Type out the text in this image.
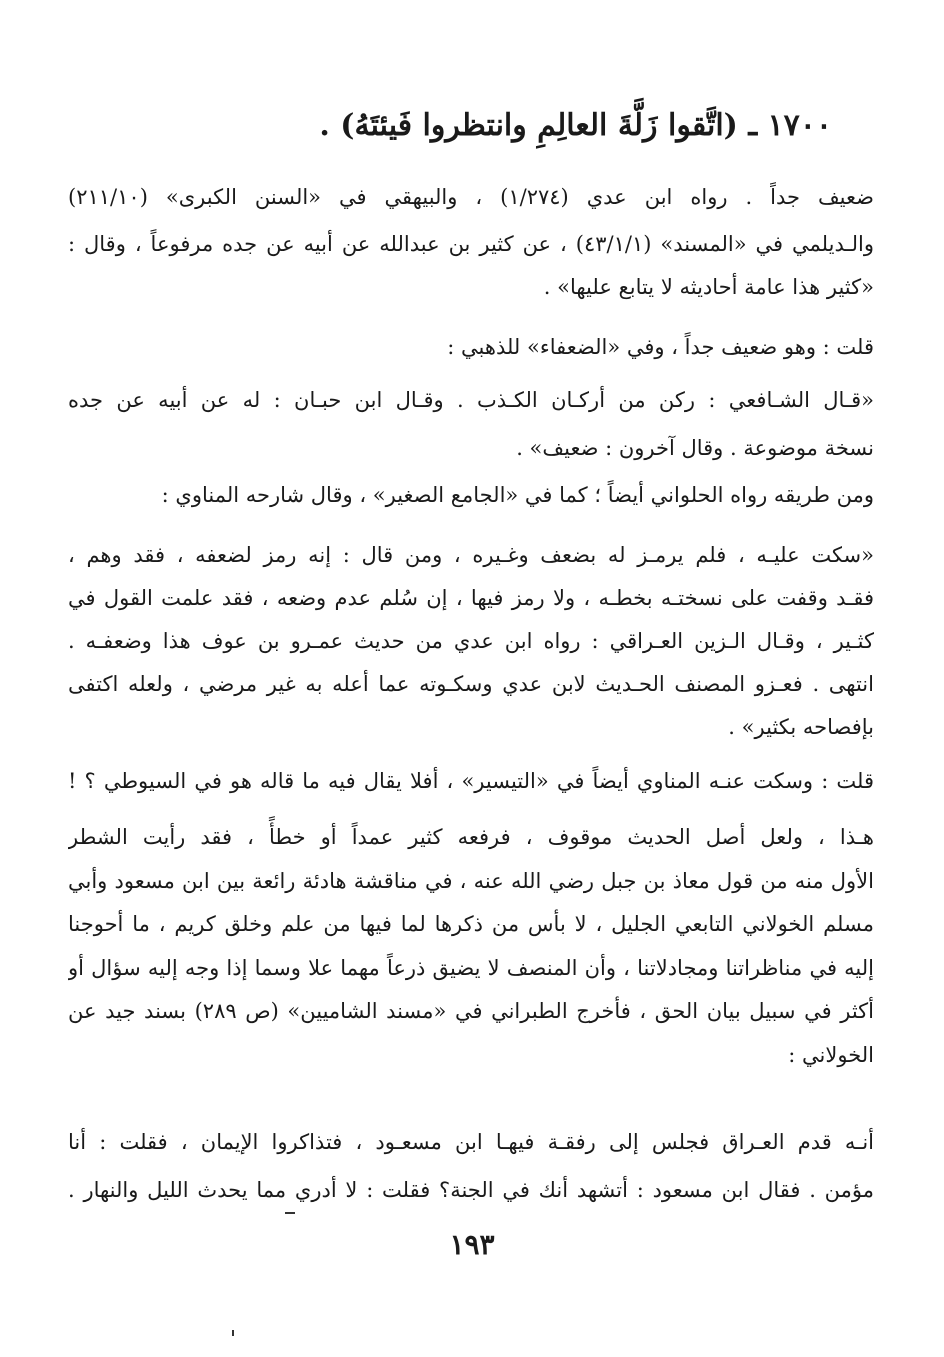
١٧٠٠ ـ (اتَّقوا زَلَّةَ العالِمِ وانتظروا فَيئتَهُ) .
ضعيف جداً . رواه ابن عدي (١/٢٧٤) ، والبيهقي في «السنن الكبرى» (٢١١/١٠)
والـديلمي في «المسند» (٤٣/١/١) ، عن كثير بن عبدالله عن أبيه عن جده مرفوعاً ، وقال :
«كثير هذا عامة أحاديثه لا يتابع عليها» .
قلت : وهو ضعيف جداً ، وفي «الضعفاء» للذهبي :
«قـال الشـافعي : ركن من أركـان الكـذب . وقـال ابن حبـان : له عن أبيه عن جده
نسخة موضوعة . وقال آخرون : ضعيف» .
ومن طريقه رواه الحلواني أيضاً ؛ كما في «الجامع الصغير» ، وقال شارحه المناوي :
«سكت عليـه ، فلم يرمـز له بضعف وغـيره ، ومن قال : إنه رمز لضعفه ، فقد وهم ،
فقـد وقفت على نسختـه بخطـه ، ولا رمز فيها ، إن سُلم عدم وضعه ، فقد علمت القول في
كثـير ، وقـال الـزين العـراقي : رواه ابن عدي من حديث عمـرو بن عوف هذا وضعفـه .
انتهى . فعـزو المصنف الحـديث لابن عدي وسكـوته عما أعله به غير مرضي ، ولعله اكتفى
بإفصاحه بكثير» .
قلت : وسكت عنـه المناوي أيضاً في «التيسير» ، أفلا يقال فيه ما قاله هو في السيوطي ؟ !
هـذا ، ولعل أصل الحديث موقوف ، فرفعه كثير عمداً أو خطأً ، فقد رأيت الشطر
الأول منه من قول معاذ بن جبل رضي الله عنه ، في مناقشة هادئة رائعة بين ابن مسعود وأبي
مسلم الخولاني التابعي الجليل ، لا بأس من ذكرها لما فيها من علم وخلق كريم ، ما أحوجنا
إليه في مناظراتنا ومجادلاتنا ، وأن المنصف لا يضيق ذرعاً مهما علا وسما إذا وجه إليه سؤال أو
أكثر في سبيل بيان الحق ، فأخرج الطبراني في «مسند الشاميين» (ص ٢٨٩) بسند جيد عن
الخولاني :
أنـه قدم العـراق فجلس إلى رفقـة فيهـا ابن مسعـود ، فتذاكروا الإيمان ، فقلت : أنا
مؤمن . فقال ابن مسعود : أتشهد أنك في الجنة؟ فقلت : لا أدري مما يحدث الليل والنهار .
١٩٣
